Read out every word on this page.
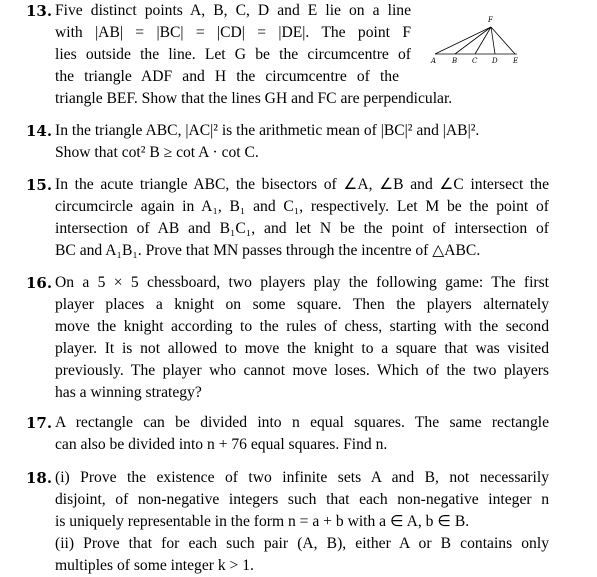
13. Five distinct points A, B, C, D and E lie on a line
with |AB| = |BC| = |CD| = |DE|. The point F
lies outside the line. Let G be the circumcentre of
the triangle ADF and H the circumcentre of the
triangle BEF. Show that the lines GH and FC are perpendicular.
A B C D E
F
14. In the triangle ABC, |AC|² is the arithmetic mean of |BC|² and |AB|².
Show that cot² B ≥ cot A · cot C.
15. In the acute triangle ABC, the bisectors of ∠A, ∠B and ∠C intersect the
circumcircle again in A₁, B₁ and C₁, respectively. Let M be the point of
intersection of AB and B₁C₁, and let N be the point of intersection of
BC and A₁B₁. Prove that MN passes through the incentre of △ABC.
16. On a 5 × 5 chessboard, two players play the following game: The first
player places a knight on some square. Then the players alternately
move the knight according to the rules of chess, starting with the second
player. It is not allowed to move the knight to a square that was visited
previously. The player who cannot move loses. Which of the two players
has a winning strategy?
17. A rectangle can be divided into n equal squares. The same rectangle
can also be divided into n + 76 equal squares. Find n.
18. (i) Prove the existence of two infinite sets A and B, not necessarily
disjoint, of non-negative integers such that each non-negative integer n
is uniquely representable in the form n = a + b with a ∈ A, b ∈ B.
(ii) Prove that for each such pair (A, B), either A or B contains only
multiples of some integer k > 1.
